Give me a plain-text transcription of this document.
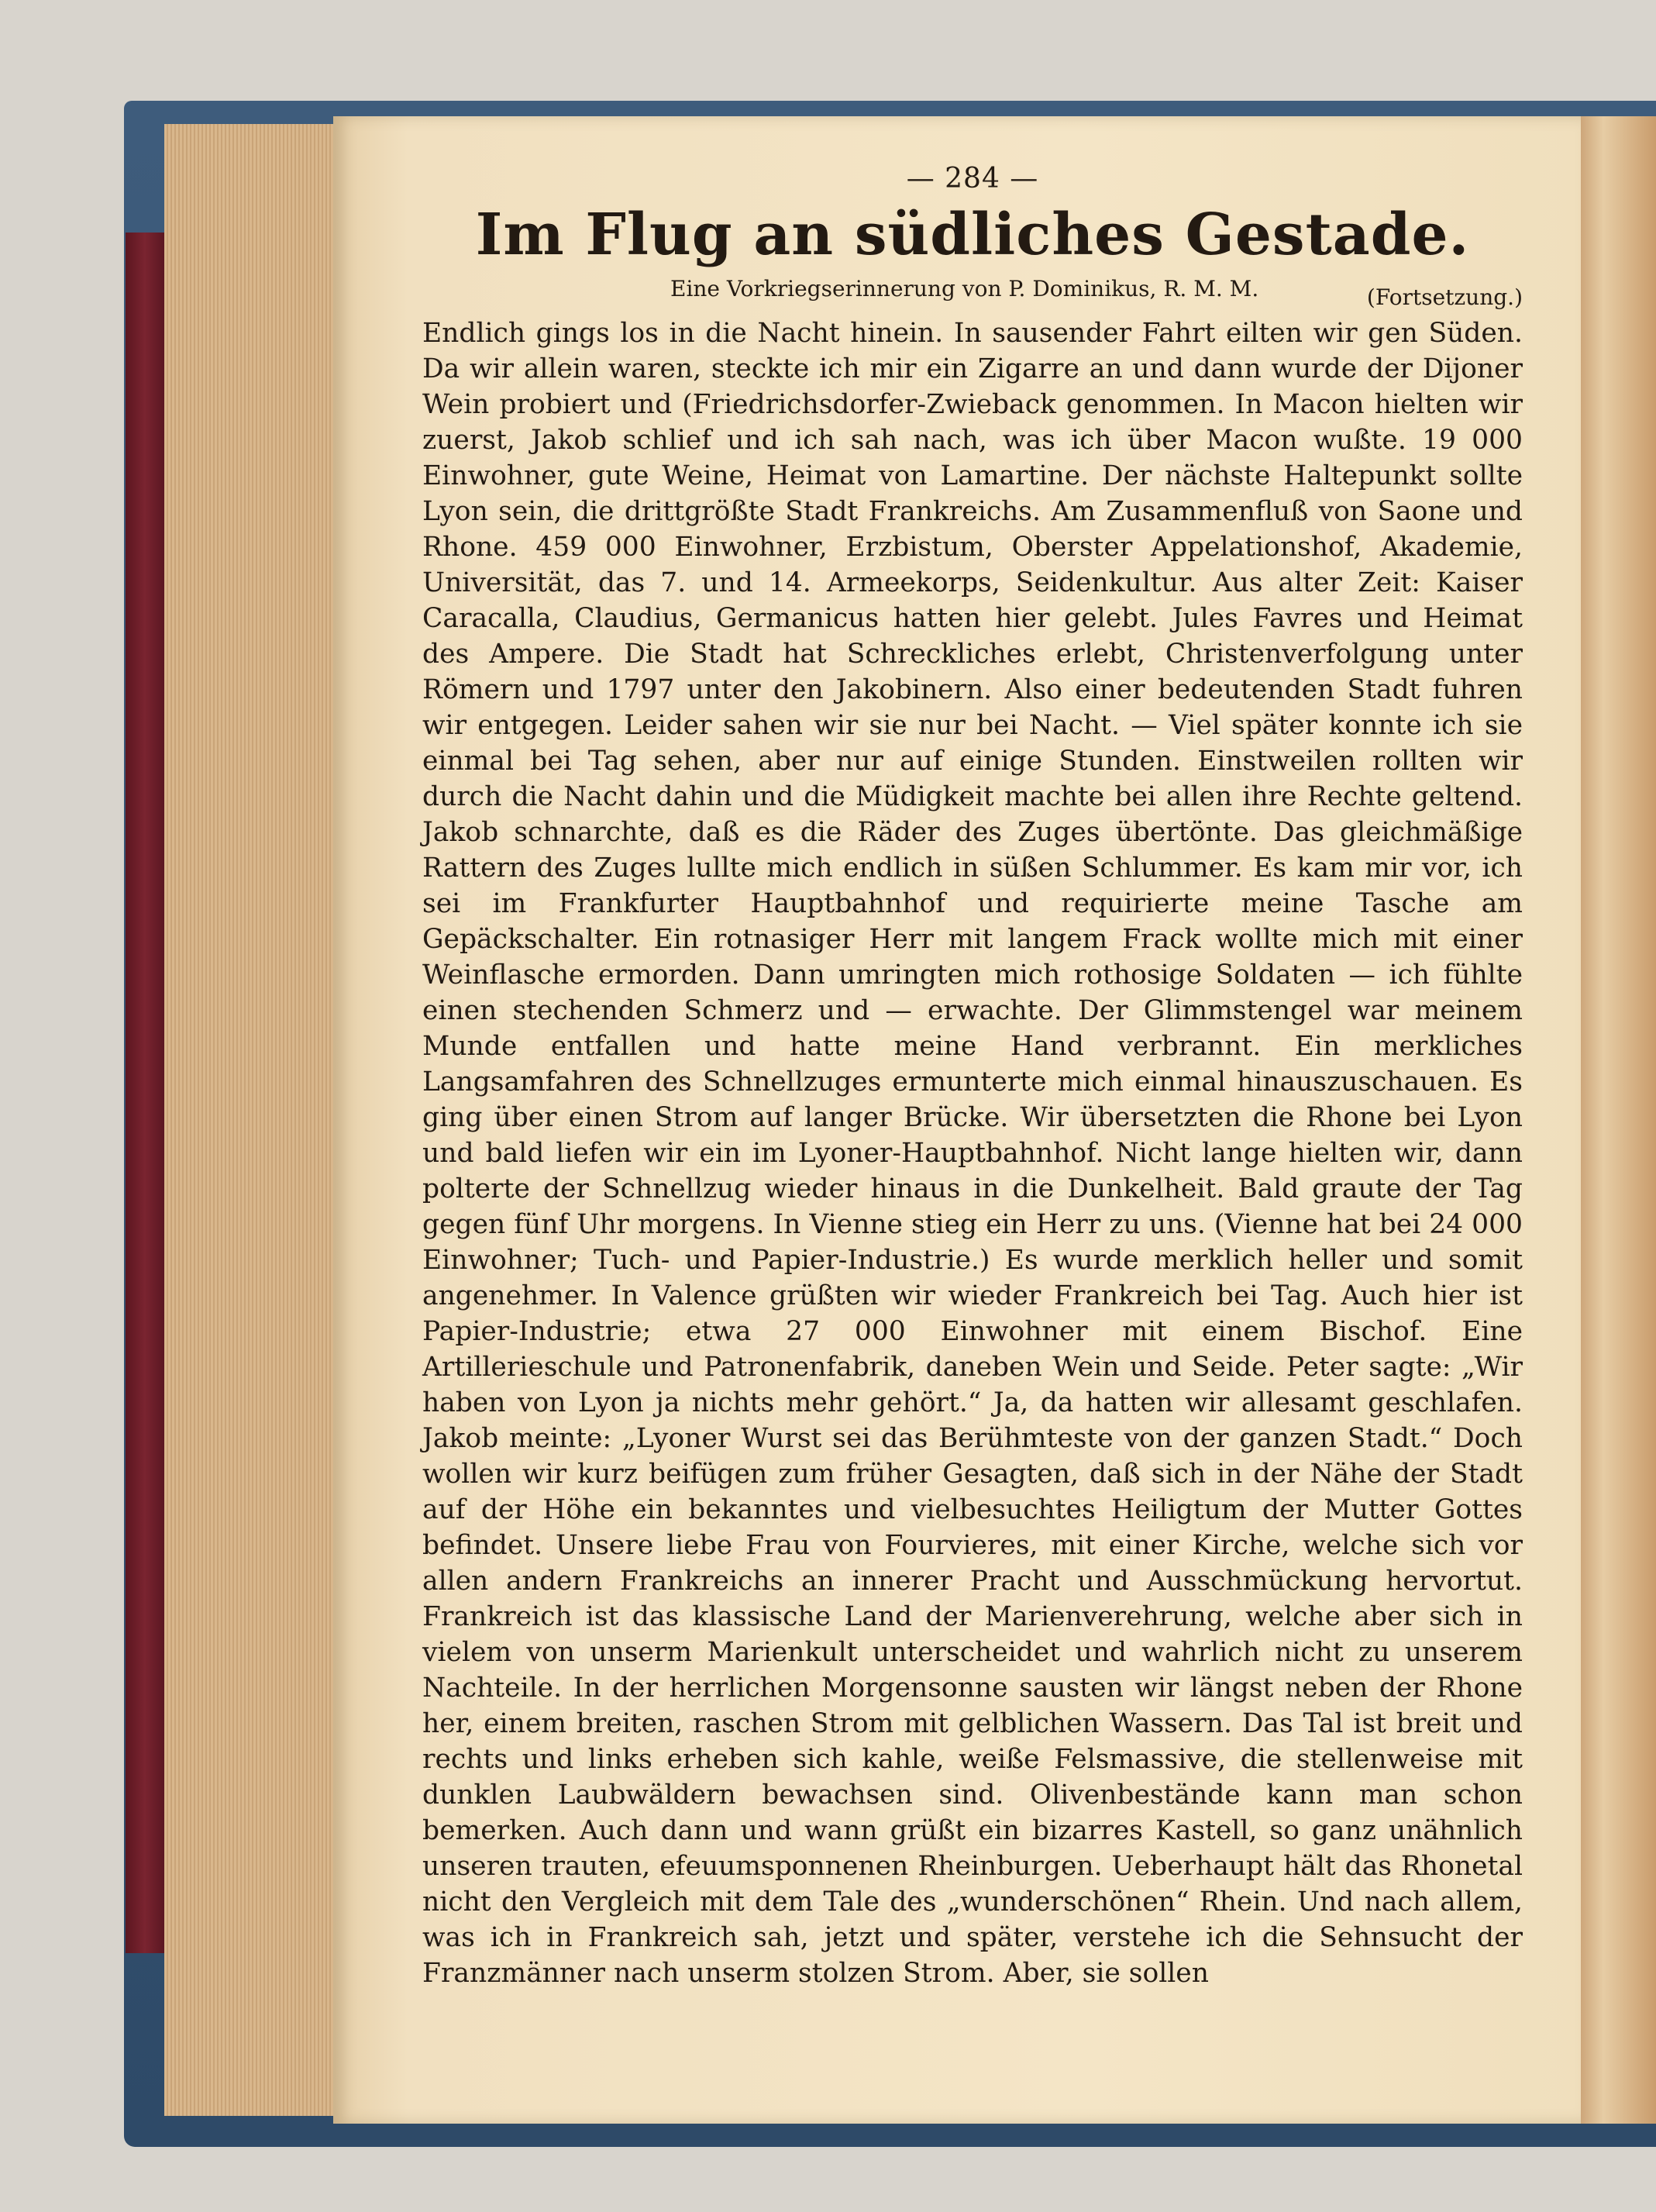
— 284 —
Im Flug an südliches Gestade.
Eine Vorkriegserinnerung von P. Dominikus, R. M. M.	(Fortsetzung.)

Endlich gings los in die Nacht hinein. In sausender Fahrt eilten wir gen Süden. Da wir allein waren, steckte ich mir ein Zigarre an und dann wurde der Dijoner Wein probiert und (Friedrichsdorfer-Zwieback genommen. In Macon hielten wir zuerst, Jakob schlief und ich sah nach, was ich über Macon wußte. 19 000 Einwohner, gute Weine, Heimat von Lamartine. Der nächste Haltepunkt sollte Lyon sein, die drittgrößte Stadt Frankreichs. Am Zusammenfluß von Saone und Rhone. 459 000 Einwohner, Erzbistum, Oberster Appelationshof, Akademie, Universität, das 7. und 14. Armeekorps, Seidenkultur. Aus alter Zeit: Kaiser Caracalla, Claudius, Germanicus hatten hier gelebt. Jules Favres und Heimat des Ampere. Die Stadt hat Schreckliches erlebt, Christenverfolgung unter Römern und 1797 unter den Jakobinern. Also einer bedeutenden Stadt fuhren wir entgegen. Leider sahen wir sie nur bei Nacht. — Viel später konnte ich sie einmal bei Tag sehen, aber nur auf einige Stunden. Einstweilen rollten wir durch die Nacht dahin und die Müdigkeit machte bei allen ihre Rechte geltend. Jakob schnarchte, daß es die Räder des Zuges übertönte. Das gleichmäßige Rattern des Zuges lullte mich endlich in süßen Schlummer. Es kam mir vor, ich sei im Frankfurter Hauptbahnhof und requirierte meine Tasche am Gepäckschalter. Ein rotnasiger Herr mit langem Frack wollte mich mit einer Weinflasche ermorden. Dann umringten mich rothosige Soldaten — ich fühlte einen stechenden Schmerz und — erwachte. Der Glimmstengel war meinem Munde entfallen und hatte meine Hand verbrannt. Ein merkliches Langsamfahren des Schnellzuges ermunterte mich einmal hinauszuschauen. Es ging über einen Strom auf langer Brücke. Wir übersetzten die Rhone bei Lyon und bald liefen wir ein im Lyoner-Hauptbahnhof. Nicht lange hielten wir, dann polterte der Schnellzug wieder hinaus in die Dunkelheit. Bald graute der Tag gegen fünf Uhr morgens. In Vienne stieg ein Herr zu uns. (Vienne hat bei 24 000 Einwohner; Tuch- und Papier-Industrie.) Es wurde merklich heller und somit angenehmer. In Valence grüßten wir wieder Frankreich bei Tag. Auch hier ist Papier-Industrie; etwa 27 000 Einwohner mit einem Bischof. Eine Artillerieschule und Patronenfabrik, daneben Wein und Seide. Peter sagte: „Wir haben von Lyon ja nichts mehr gehört.“ Ja, da hatten wir allesamt geschlafen. Jakob meinte: „Lyoner Wurst sei das Berühmteste von der ganzen Stadt.“ Doch wollen wir kurz beifügen zum früher Gesagten, daß sich in der Nähe der Stadt auf der Höhe ein bekanntes und vielbesuchtes Heiligtum der Mutter Gottes befindet. Unsere liebe Frau von Fourvieres, mit einer Kirche, welche sich vor allen andern Frankreichs an innerer Pracht und Ausschmückung hervortut. Frankreich ist das klassische Land der Marienverehrung, welche aber sich in vielem von unserm Marienkult unterscheidet und wahrlich nicht zu unserem Nachteile. In der herrlichen Morgensonne sausten wir längst neben der Rhone her, einem breiten, raschen Strom mit gelblichen Wassern. Das Tal ist breit und rechts und links erheben sich kahle, weiße Felsmassive, die stellenweise mit dunklen Laubwäldern bewachsen sind. Olivenbestände kann man schon bemerken. Auch dann und wann grüßt ein bizarres Kastell, so ganz unähnlich unseren trauten, efeuumsponnenen Rheinburgen. Ueberhaupt hält das Rhonetal nicht den Vergleich mit dem Tale des „wunderschönen“ Rhein. Und nach allem, was ich in Frankreich sah, jetzt und später, verstehe ich die Sehnsucht der Franzmänner nach unserm stolzen Strom. Aber, sie sollen
